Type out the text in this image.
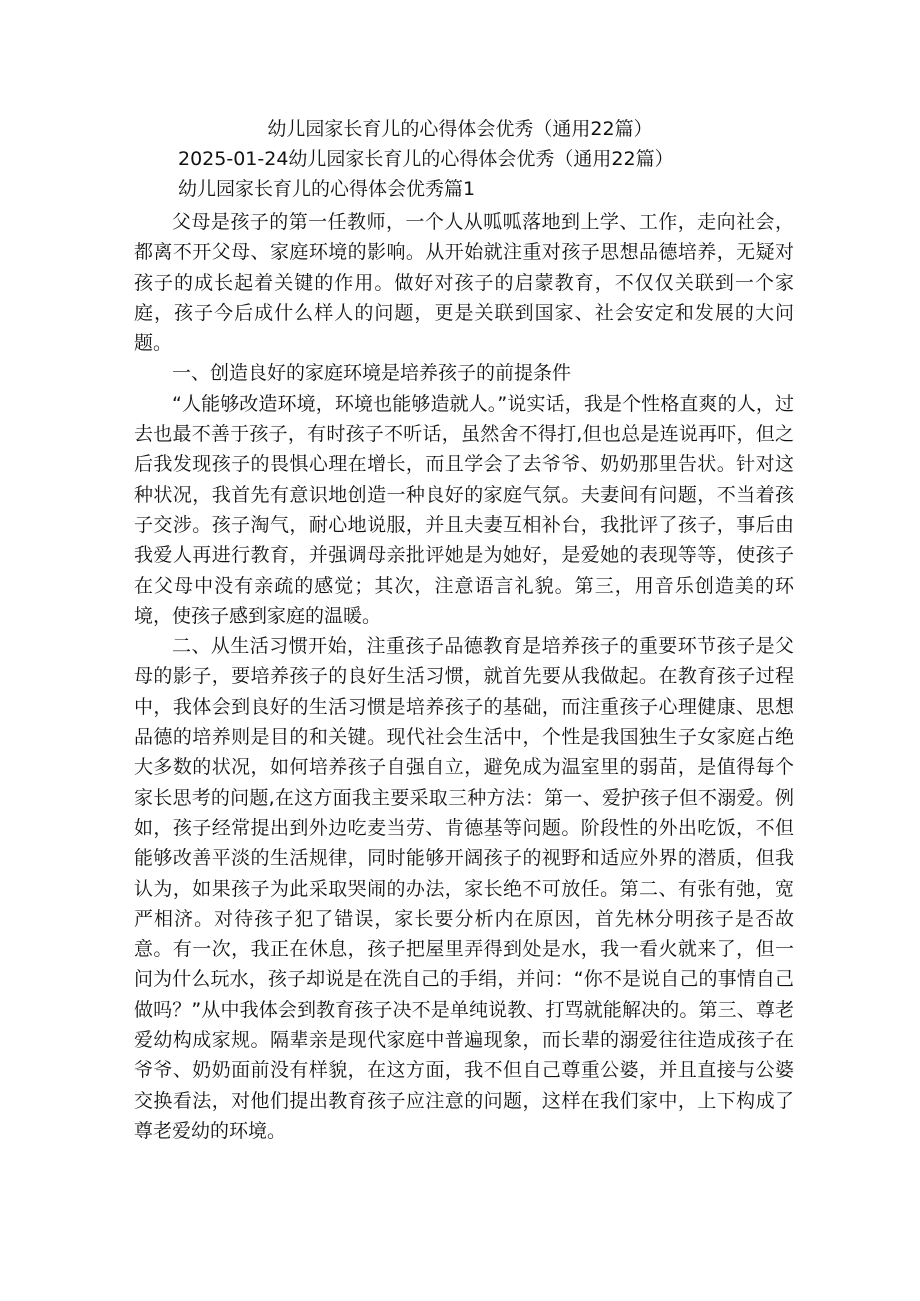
幼儿园家长育儿的心得体会优秀（通用22篇）
2025-01-24幼儿园家长育儿的心得体会优秀（通用22篇）
幼儿园家长育儿的心得体会优秀篇1

父母是孩子的第一任教师，一个人从呱呱落地到上学、工作，走向社会，都离不开父母、家庭环境的影响。从开始就注重对孩子思想品德培养，无疑对孩子的成长起着关键的作用。做好对孩子的启蒙教育，不仅仅关联到一个家庭，孩子今后成什么样人的问题，更是关联到国家、社会安定和发展的大问题。

一、创造良好的家庭环境是培养孩子的前提条件

“人能够改造环境，环境也能够造就人。”说实话，我是个性格直爽的人，过去也最不善于孩子，有时孩子不听话，虽然舍不得打,但也总是连说再吓，但之后我发现孩子的畏惧心理在增长，而且学会了去爷爷、奶奶那里告状。针对这种状况，我首先有意识地创造一种良好的家庭气氛。夫妻间有问题，不当着孩子交涉。孩子淘气，耐心地说服，并且夫妻互相补台，我批评了孩子，事后由我爱人再进行教育，并强调母亲批评她是为她好，是爱她的表现等等，使孩子在父母中没有亲疏的感觉；其次，注意语言礼貌。第三，用音乐创造美的环境，使孩子感到家庭的温暖。

二、从生活习惯开始，注重孩子品德教育是培养孩子的重要环节孩子是父母的影子，要培养孩子的良好生活习惯，就首先要从我做起。在教育孩子过程中，我体会到良好的生活习惯是培养孩子的基础，而注重孩子心理健康、思想品德的培养则是目的和关键。现代社会生活中，个性是我国独生子女家庭占绝大多数的状况，如何培养孩子自强自立，避免成为温室里的弱苗，是值得每个家长思考的问题,在这方面我主要采取三种方法：第一、爱护孩子但不溺爱。例如，孩子经常提出到外边吃麦当劳、肯德基等问题。阶段性的外出吃饭，不但能够改善平淡的生活规律，同时能够开阔孩子的视野和适应外界的潜质，但我认为，如果孩子为此采取哭闹的办法，家长绝不可放任。第二、有张有弛，宽严相济。对待孩子犯了错误，家长要分析内在原因，首先林分明孩子是否故意。有一次，我正在休息，孩子把屋里弄得到处是水，我一看火就来了，但一问为什么玩水，孩子却说是在洗自己的手绢，并问：“你不是说自己的事情自己做吗？”从中我体会到教育孩子决不是单纯说教、打骂就能解决的。第三、尊老爱幼构成家规。隔辈亲是现代家庭中普遍现象，而长辈的溺爱往往造成孩子在爷爷、奶奶面前没有样貌，在这方面，我不但自己尊重公婆，并且直接与公婆交换看法，对他们提出教育孩子应注意的问题，这样在我们家中，上下构成了尊老爱幼的环境。
